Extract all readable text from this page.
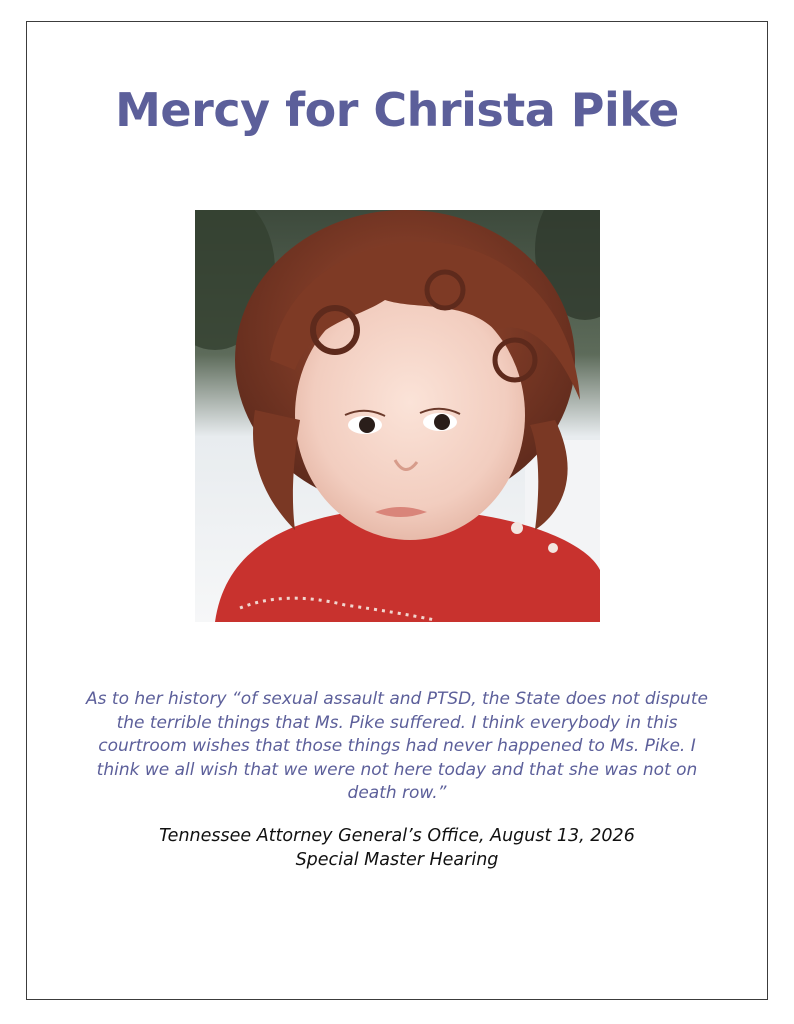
Mercy for Christa Pike

As to her history “of sexual assault and PTSD, the State does not dispute the terrible things that Ms. Pike suffered. I think everybody in this courtroom wishes that those things had never happened to Ms. Pike. I think we all wish that we were not here today and that she was not on death row.”

Tennessee Attorney General’s Office, August 13, 2026
Special Master Hearing
